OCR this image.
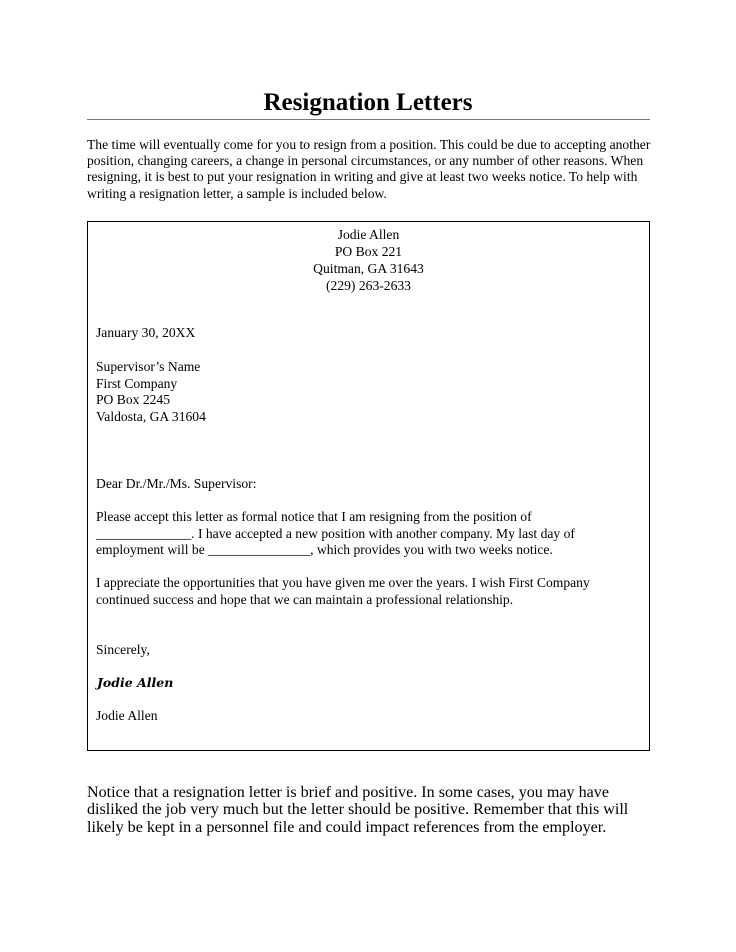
Resignation Letters
The time will eventually come for you to resign from a position. This could be due to accepting another position, changing careers, a change in personal circumstances, or any number of other reasons. When resigning, it is best to put your resignation in writing and give at least two weeks notice. To help with writing a resignation letter, a sample is included below.
Jodie Allen
PO Box 221
Quitman, GA 31643
(229) 263-2633
January 30, 20XX
Supervisor’s Name
First Company
PO Box 2245
Valdosta, GA 31604
Dear Dr./Mr./Ms. Supervisor:
Please accept this letter as formal notice that I am resigning from the position of
______________. I have accepted a new position with another company. My last day of
employment will be _______________, which provides you with two weeks notice.
I appreciate the opportunities that you have given me over the years. I wish First Company
continued success and hope that we can maintain a professional relationship.
Sincerely,
Jodie Allen
Jodie Allen
Notice that a resignation letter is brief and positive. In some cases, you may have disliked the job very much but the letter should be positive. Remember that this will likely be kept in a personnel file and could impact references from the employer.
